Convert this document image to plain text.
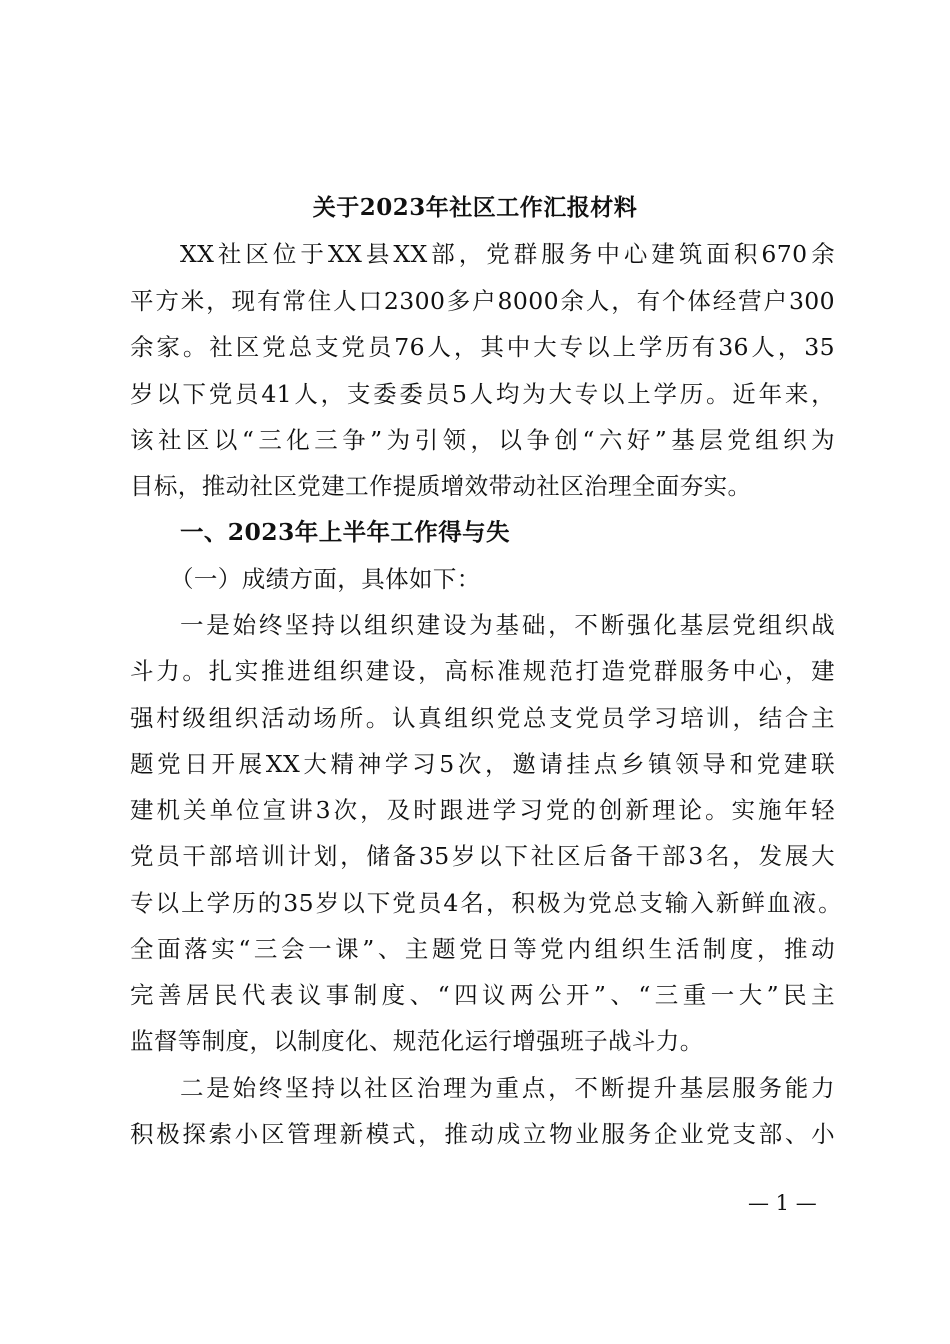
关于2023年社区工作汇报材料
XX社区位于XX县XX部，党群服务中心建筑面积670余
平方米，现有常住人口2300多户8000余人，有个体经营户300
余家。社区党总支党员76人，其中大专以上学历有36人，35
岁以下党员41人，支委委员5人均为大专以上学历。近年来，
该社区以“三化三争”为引领，以争创“六好”基层党组织为
目标，推动社区党建工作提质增效带动社区治理全面夯实。
一、2023年上半年工作得与失
（一）成绩方面，具体如下：
一是始终坚持以组织建设为基础，不断强化基层党组织战
斗力。扎实推进组织建设，高标准规范打造党群服务中心，建
强村级组织活动场所。认真组织党总支党员学习培训，结合主
题党日开展XX大精神学习5次，邀请挂点乡镇领导和党建联
建机关单位宣讲3次，及时跟进学习党的创新理论。实施年轻
党员干部培训计划，储备35岁以下社区后备干部3名，发展大
专以上学历的35岁以下党员4名，积极为党总支输入新鲜血液。
全面落实“三会一课”、主题党日等党内组织生活制度，推动
完善居民代表议事制度、“四议两公开”、“三重一大”民主
监督等制度，以制度化、规范化运行增强班子战斗力。
二是始终坚持以社区治理为重点，不断提升基层服务能力
积极探索小区管理新模式，推动成立物业服务企业党支部、小
— 1 —
